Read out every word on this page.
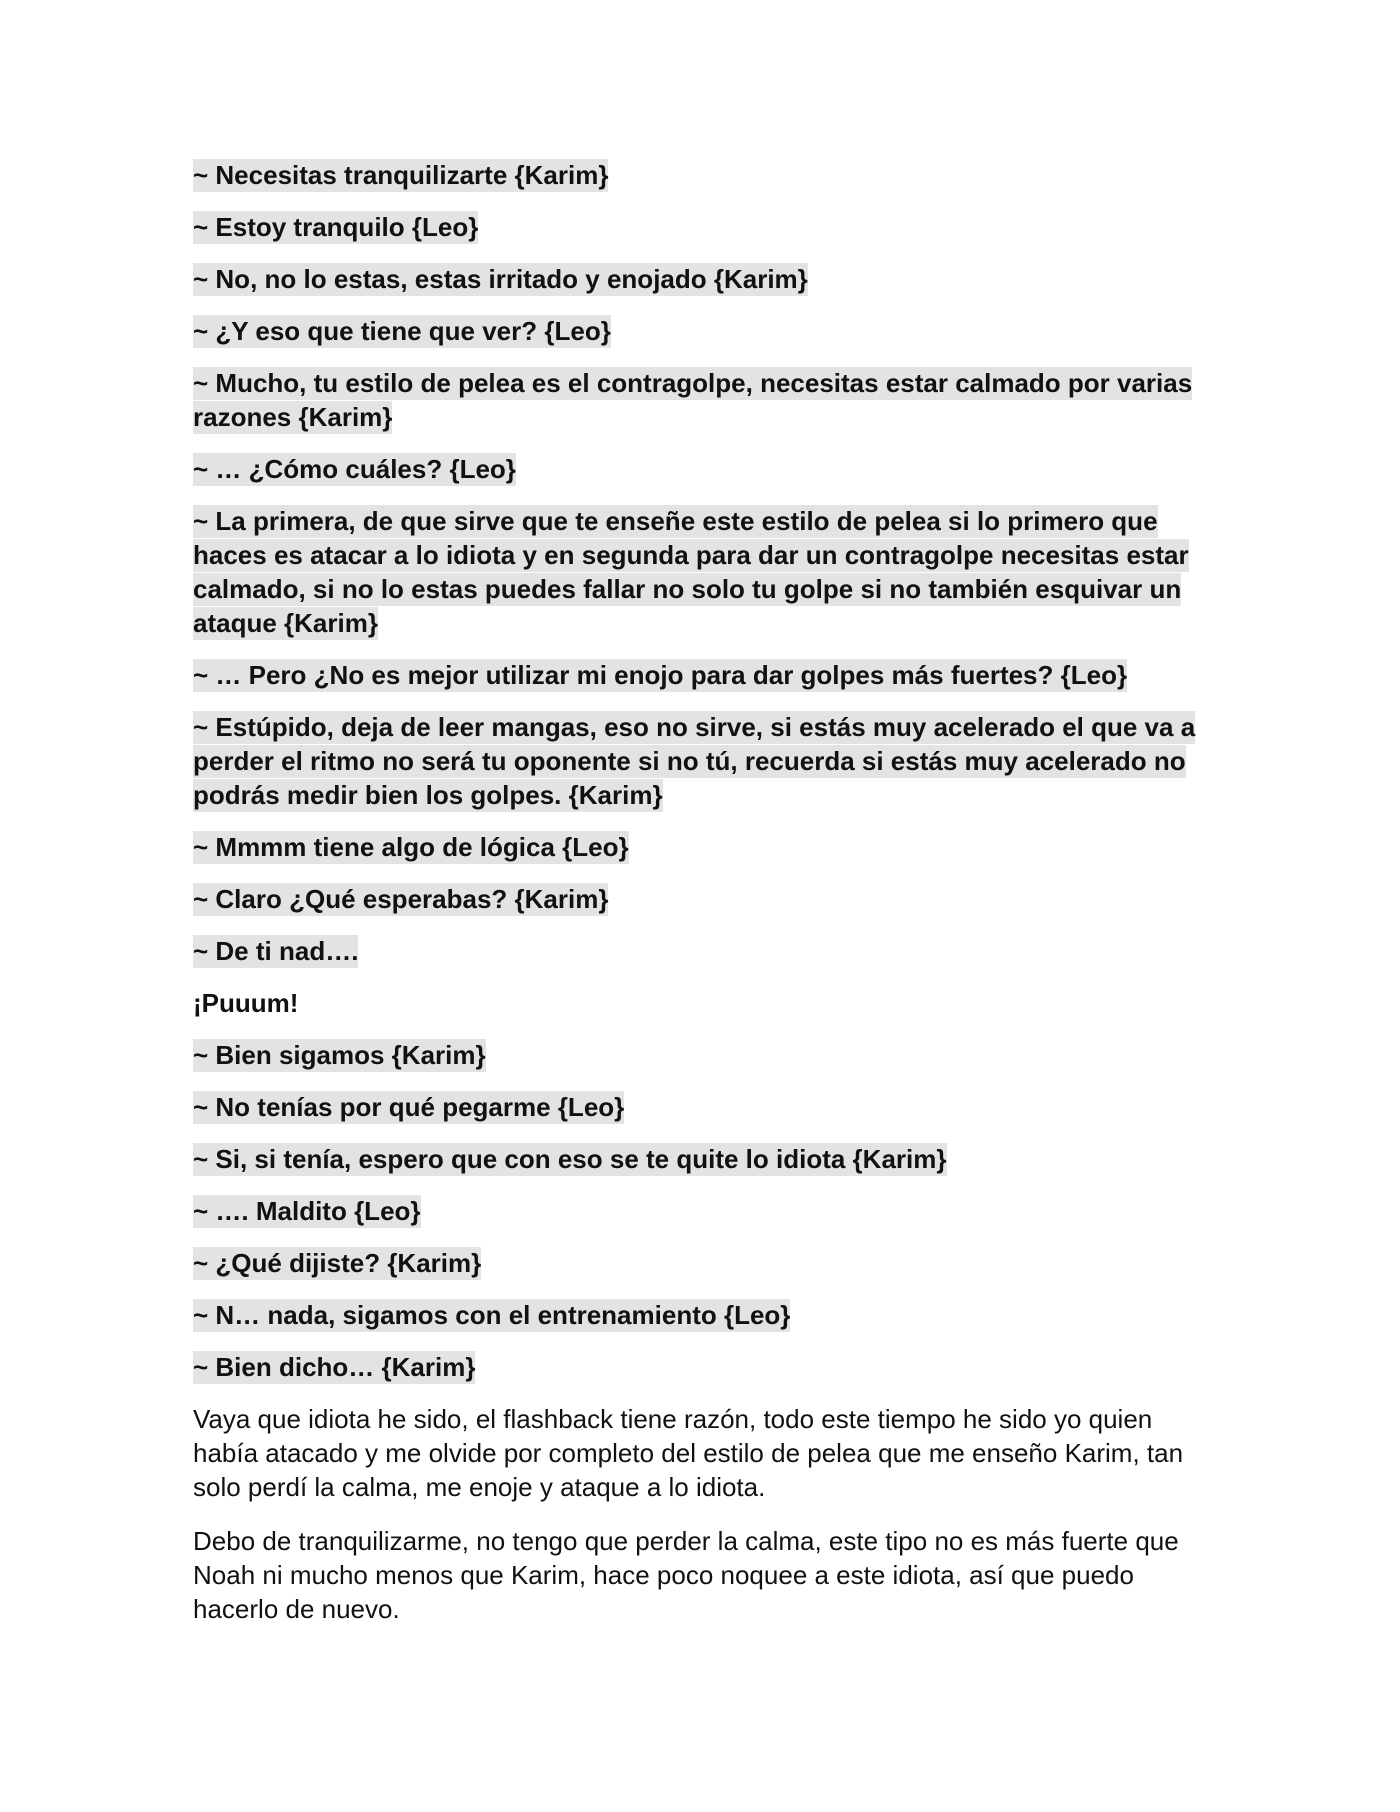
~ Necesitas tranquilizarte {Karim}

~ Estoy tranquilo {Leo}

~ No, no lo estas, estas irritado y enojado {Karim}

~ ¿Y eso que tiene que ver? {Leo}

~ Mucho, tu estilo de pelea es el contragolpe, necesitas estar calmado por varias razones {Karim}

~ … ¿Cómo cuáles? {Leo}

~ La primera, de que sirve que te enseñe este estilo de pelea si lo primero que haces es atacar a lo idiota y en segunda para dar un contragolpe necesitas estar calmado, si no lo estas puedes fallar no solo tu golpe si no también esquivar un ataque {Karim}

~ … Pero ¿No es mejor utilizar mi enojo para dar golpes más fuertes? {Leo}

~ Estúpido, deja de leer mangas, eso no sirve, si estás muy acelerado el que va a perder el ritmo no será tu oponente si no tú, recuerda si estás muy acelerado no podrás medir bien los golpes. {Karim}

~ Mmmm tiene algo de lógica {Leo}

~ Claro ¿Qué esperabas? {Karim}

~ De ti nad….

¡Puuum!

~ Bien sigamos {Karim}

~ No tenías por qué pegarme {Leo}

~ Si, si tenía, espero que con eso se te quite lo idiota {Karim}

~ …. Maldito {Leo}

~ ¿Qué dijiste? {Karim}

~ N… nada, sigamos con el entrenamiento {Leo}

~ Bien dicho… {Karim}

Vaya que idiota he sido, el flashback tiene razón, todo este tiempo he sido yo quien había atacado y me olvide por completo del estilo de pelea que me enseño Karim, tan solo perdí la calma, me enoje y ataque a lo idiota.

Debo de tranquilizarme, no tengo que perder la calma, este tipo no es más fuerte que Noah ni mucho menos que Karim, hace poco noquee a este idiota, así que puedo hacerlo de nuevo.
